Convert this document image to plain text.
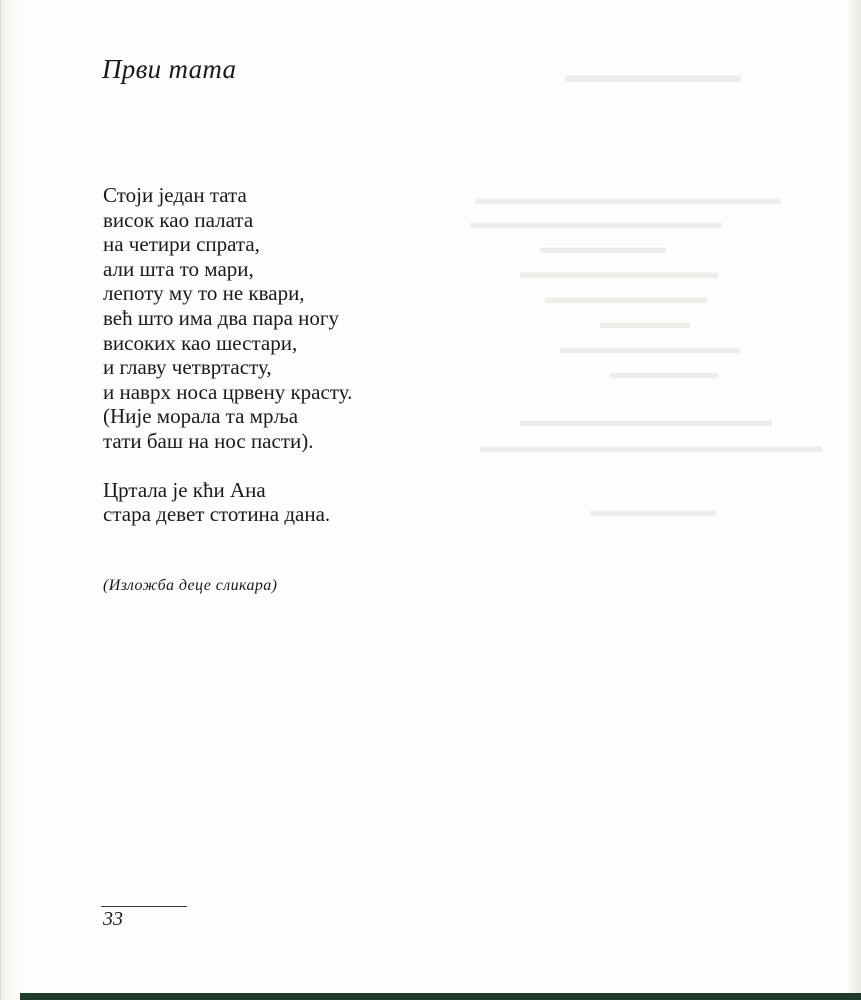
▬▬▬▬▬▬▬▬
▬▬▬▬▬▬▬▬▬▬▬▬▬▬▬▬▬
▬▬▬▬▬▬▬▬▬▬▬▬▬▬
▬▬▬▬▬▬▬
▬▬▬▬▬▬▬▬▬▬▬
▬▬▬▬▬▬▬▬▬
▬▬▬▬▬
▬▬▬▬▬▬▬▬▬▬
▬▬▬▬▬▬
▬▬▬▬▬▬▬▬▬▬▬▬▬▬
▬▬▬▬▬▬▬▬▬▬▬▬▬▬▬▬▬▬▬
▬▬▬▬▬▬▬
Први тата
Стоји један тата
висок као палата
на четири спрата,
али шта то мари,
лепоту му то не квари,
већ што има два пара ногу
високих као шестари,
и главу четвртасту,
и наврх носа црвену красту.
(Није морала та мрља
тати баш на нос пасти).
Цртала је кћи Ана
стара девет стотина дана.
(Изложба деце сликара)
33
